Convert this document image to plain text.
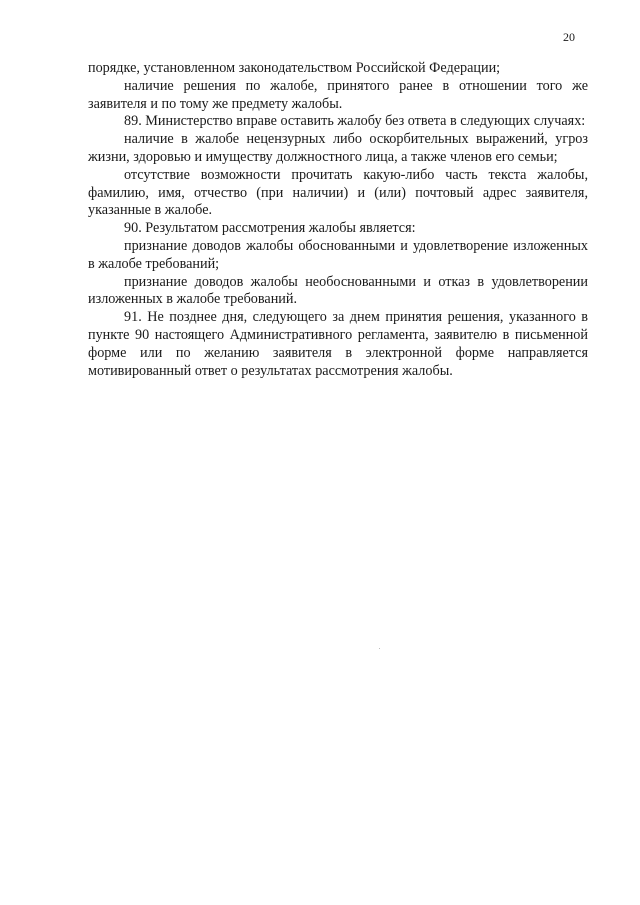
20

порядке, установленном законодательством Российской Федерации;

наличие решения по жалобе, принятого ранее в отношении того же заявителя и по тому же предмету жалобы.

89. Министерство вправе оставить жалобу без ответа в следующих случаях:

наличие в жалобе нецензурных либо оскорбительных выражений, угроз жизни, здоровью и имуществу должностного лица, а также членов его семьи;

отсутствие возможности прочитать какую-либо часть текста жалобы, фамилию, имя, отчество (при наличии) и (или) почтовый адрес заявителя, указанные в жалобе.

90. Результатом рассмотрения жалобы является:

признание доводов жалобы обоснованными и удовлетворение изложенных в жалобе требований;

признание доводов жалобы необоснованными и отказ в удовлетворении изложенных в жалобе требований.

91. Не позднее дня, следующего за днем принятия решения, указанного в пункте 90 настоящего Административного регламента, заявителю в письменной форме или по желанию заявителя в электронной форме направляется мотивированный ответ о результатах рассмотрения жалобы.
